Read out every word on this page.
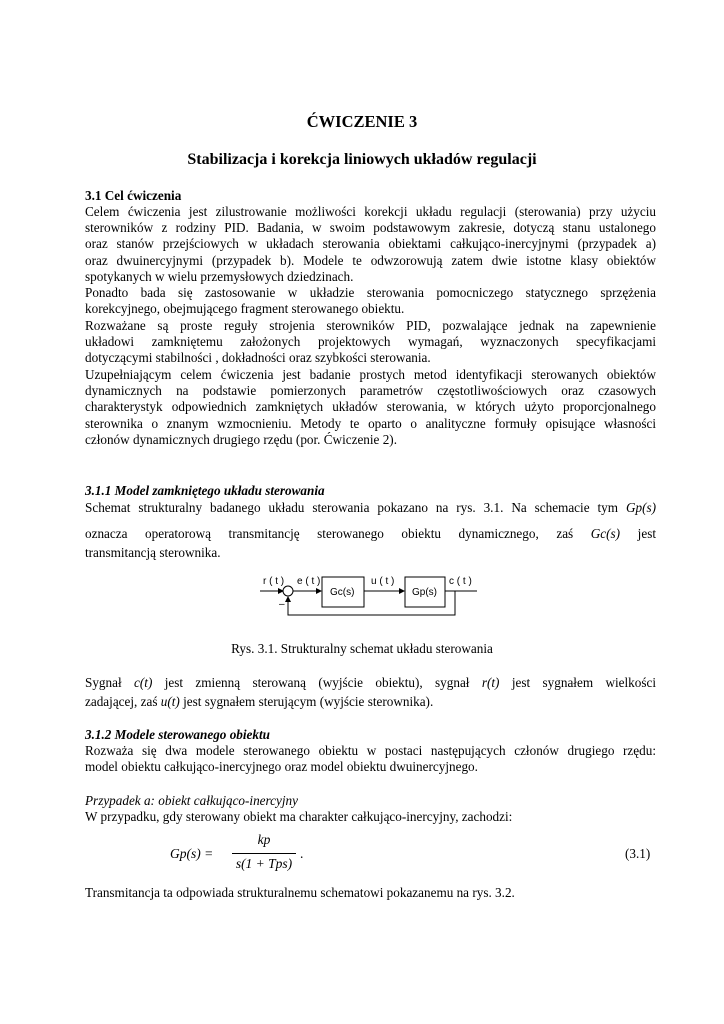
ĆWICZENIE 3
Stabilizacja i korekcja liniowych układów regulacji
3.1 Cel ćwiczenia
Celem ćwiczenia jest zilustrowanie możliwości korekcji układu regulacji (sterowania) przy użyciu
sterowników z rodziny PID. Badania, w swoim podstawowym zakresie, dotyczą stanu ustalonego
oraz stanów przejściowych w układach sterowania obiektami całkująco-inercyjnymi (przypadek a)
oraz dwuinercyjnymi (przypadek b). Modele te odwzorowują zatem dwie istotne klasy obiektów
spotykanych w wielu przemysłowych dziedzinach.
Ponadto bada się zastosowanie w układzie sterowania pomocniczego statycznego sprzężenia
korekcyjnego, obejmującego fragment sterowanego obiektu.
Rozważane są proste reguły strojenia sterowników PID, pozwalające jednak na zapewnienie
układowi zamkniętemu założonych projektowych wymagań, wyznaczonych specyfikacjami
dotyczącymi stabilności , dokładności oraz szybkości sterowania.
Uzupełniającym celem ćwiczenia jest badanie prostych metod identyfikacji sterowanych obiektów
dynamicznych na podstawie pomierzonych parametrów częstotliwościowych oraz czasowych
charakterystyk odpowiednich zamkniętych układów sterowania, w których użyto proporcjonalnego
sterownika o znanym wzmocnieniu. Metody te oparto o analityczne formuły opisujące własności
członów dynamicznych drugiego rzędu (por. Ćwiczenie 2).
3.1.1 Model zamkniętego układu sterowania
Schemat strukturalny badanego układu sterowania pokazano na rys. 3.1. Na schemacie tym Gp(s)
oznacza operatorową transmitancję sterowanego obiektu dynamicznego, zaś Gc(s) jest
transmitancją sterownika.
r ( t ) e ( t )	u ( t )	c ( t )
Gc(s)	Gp(s)
–
Rys. 3.1. Strukturalny schemat układu sterowania
Sygnał c(t) jest zmienną sterowaną (wyjście obiektu), sygnał r(t) jest sygnałem wielkości
zadającej, zaś u(t) jest sygnałem sterującym (wyjście sterownika).
3.1.2 Modele sterowanego obiektu
Rozważa się dwa modele sterowanego obiektu w postaci następujących członów drugiego rzędu:
model obiektu całkująco-inercyjnego oraz model obiektu dwuinercyjnego.
Przypadek a: obiekt całkująco-inercyjny
W przypadku, gdy sterowany obiekt ma charakter całkująco-inercyjny, zachodzi:
Gp(s) =
kp
s(1 + Tps)
.	(3.1)
Transmitancja ta odpowiada strukturalnemu schematowi pokazanemu na rys. 3.2.
